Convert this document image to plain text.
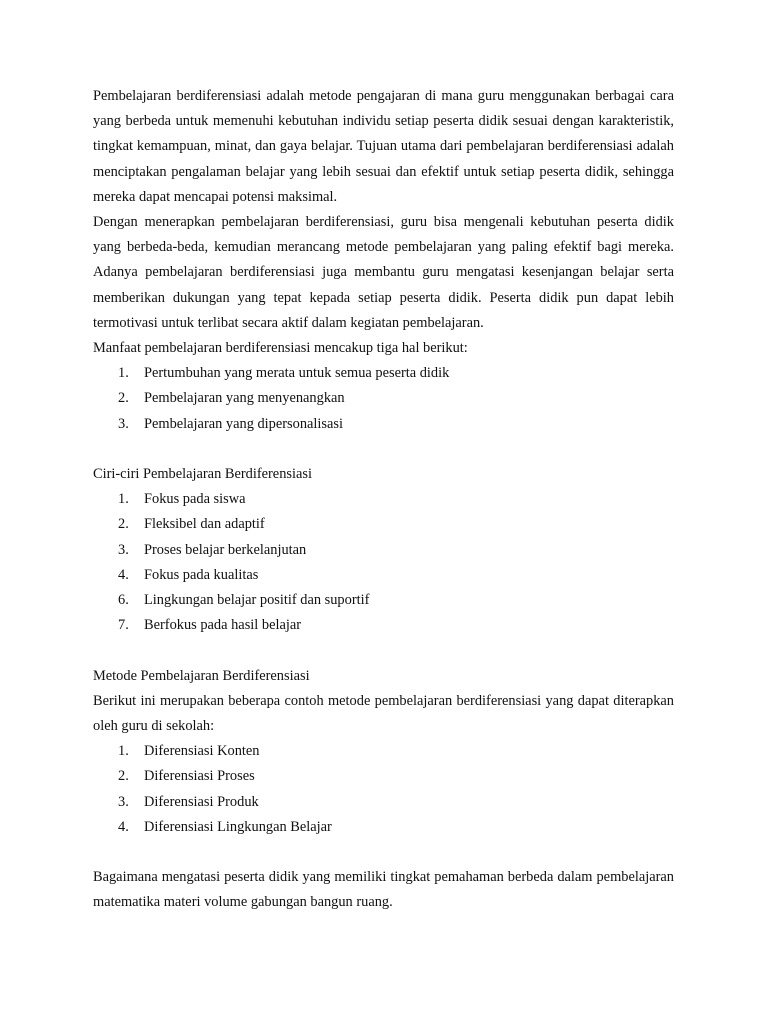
Pembelajaran berdiferensiasi adalah metode pengajaran di mana guru menggunakan berbagai cara yang berbeda untuk memenuhi kebutuhan individu setiap peserta didik sesuai dengan karakteristik, tingkat kemampuan, minat, dan gaya belajar. Tujuan utama dari pembelajaran berdiferensiasi adalah menciptakan pengalaman belajar yang lebih sesuai dan efektif untuk setiap peserta didik, sehingga mereka dapat mencapai potensi maksimal.

Dengan menerapkan pembelajaran berdiferensiasi, guru bisa mengenali kebutuhan peserta didik yang berbeda-beda, kemudian merancang metode pembelajaran yang paling efektif bagi mereka. Adanya pembelajaran berdiferensiasi juga membantu guru mengatasi kesenjangan belajar serta memberikan dukungan yang tepat kepada setiap peserta didik. Peserta didik pun dapat lebih termotivasi untuk terlibat secara aktif dalam kegiatan pembelajaran.

Manfaat pembelajaran berdiferensiasi mencakup tiga hal berikut:

1.	Pertumbuhan yang merata untuk semua peserta didik
2.	Pembelajaran yang menyenangkan
3.	Pembelajaran yang dipersonalisasi

Ciri-ciri Pembelajaran Berdiferensiasi

1.	Fokus pada siswa
2.	Fleksibel dan adaptif
3.	Proses belajar berkelanjutan
4.	Fokus pada kualitas
6.	Lingkungan belajar positif dan suportif
7.	Berfokus pada hasil belajar

Metode Pembelajaran Berdiferensiasi

Berikut ini merupakan beberapa contoh metode pembelajaran berdiferensiasi yang dapat diterapkan oleh guru di sekolah:

1.	Diferensiasi Konten
2.	Diferensiasi Proses
3.	Diferensiasi Produk
4.	Diferensiasi Lingkungan Belajar

Bagaimana mengatasi peserta didik yang memiliki tingkat pemahaman berbeda dalam pembelajaran matematika materi volume gabungan bangun ruang.
